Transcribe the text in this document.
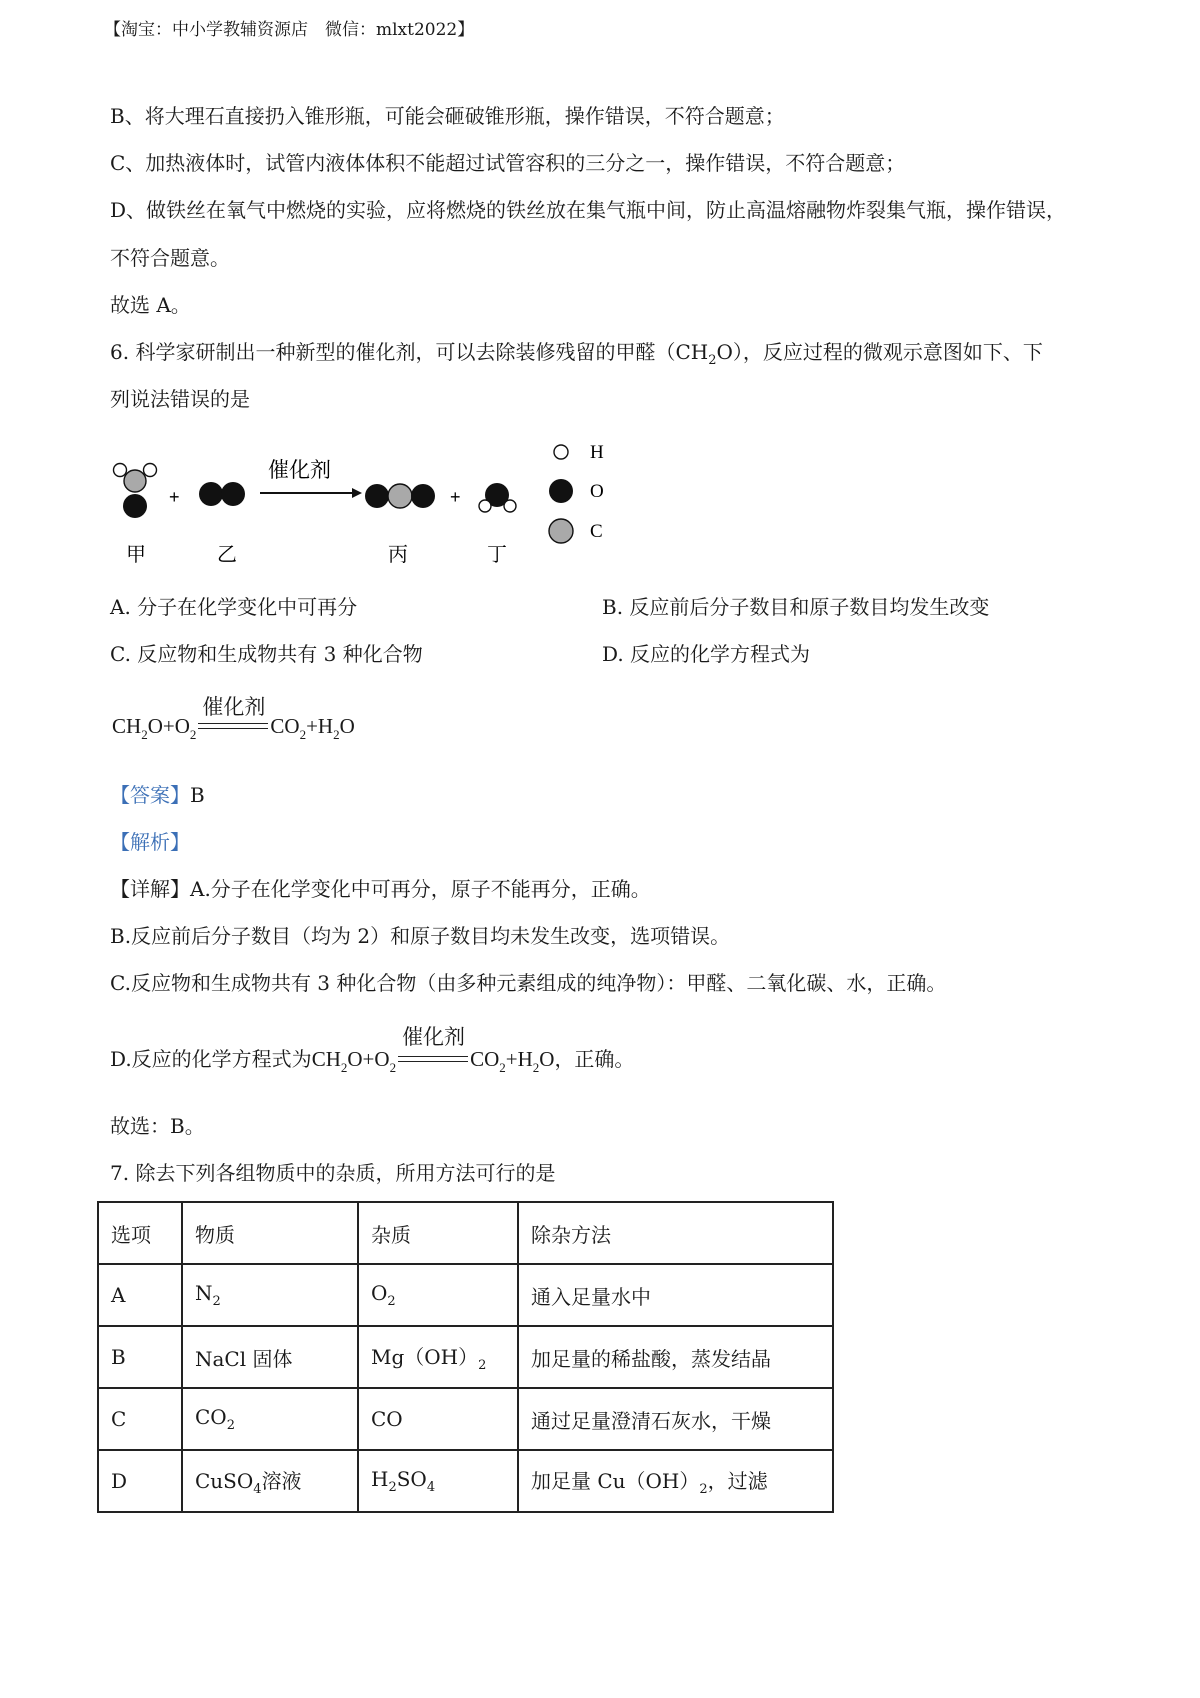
【淘宝：中小学教辅资源店　微信：mlxt2022】
B、将大理石直接扔入锥形瓶，可能会砸破锥形瓶，操作错误，不符合题意；
C、加热液体时，试管内液体体积不能超过试管容积的三分之一，操作错误，不符合题意；
D、做铁丝在氧气中燃烧的实验，应将燃烧的铁丝放在集气瓶中间，防止高温熔融物炸裂集气瓶，操作错误，
不符合题意。
故选 A。
6. 科学家研制出一种新型的催化剂，可以去除装修残留的甲醛$(CH_2O)$，反应过程的微观示意图如下、下
列说法错误的是
+
催化剂
+
甲	乙	丙	丁
H
O
C
A. 分子在化学变化中可再分	B. 反应前后分子数目和原子数目均发生改变
C. 反应物和生成物共有 3 种化合物	D. 反应的化学方程式为
$CH_2O+O_2$
催化剂
$CO_2+H_2O$
【答案】B
【解析】
【详解】A.分子在化学变化中可再分，原子不能再分，正确。
B.反应前后分子数目（均为 2）和原子数目均未发生改变，选项错误。
C.反应物和生成物共有 3 种化合物（由多种元素组成的纯净物）：甲醛、二氧化碳、水，正确。
D.反应的化学方程式为$CH_2O+O_2$
催化剂
$CO_2+H_2O$，正确。
故选：B。
7. 除去下列各组物质中的杂质，所用方法可行的是
选项	物质	杂质	除杂方法
A	$N_2$	$O_2$	通入足量水中
B	NaCl 固体	$Mg(OH)_2$	加足量的稀盐酸，蒸发结晶
C	$CO_2$	CO	通过足量澄清石灰水，干燥
D	CuSO$_4$溶液	$H_2SO_4$	加足量 $Cu(OH)_2$，过滤
